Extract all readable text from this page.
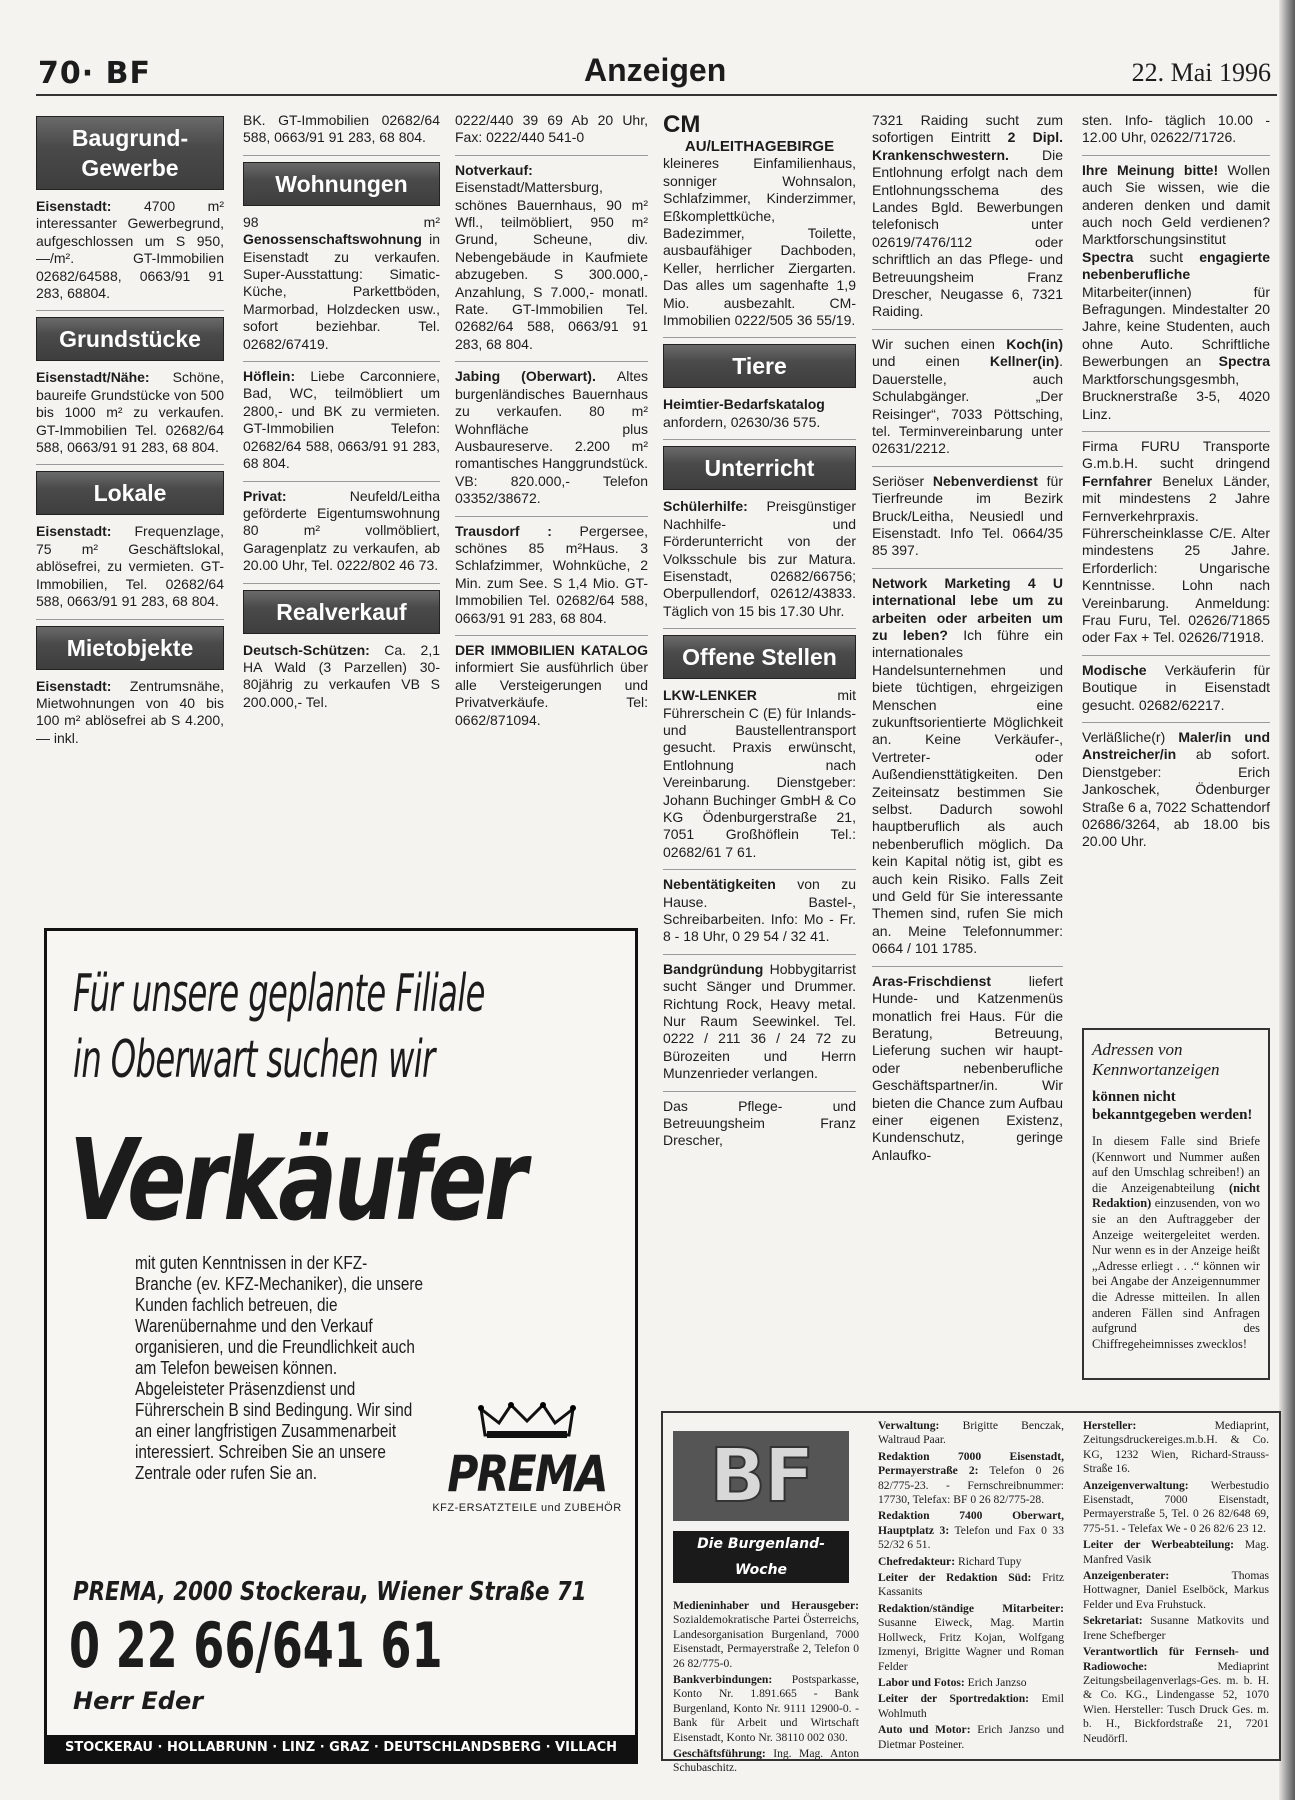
70· BF	Anzeigen	22. Mai 1996
Baugrund-
Gewerbe
Eisenstadt: 4700 m² interessanter Gewerbegrund, aufgeschlossen um S 950,—/m². GT-Immobilien 02682/64588, 0663/91 91 283, 68804.
Grundstücke
Eisenstadt/Nähe: Schöne, baureife Grundstücke von 500 bis 1000 m² zu verkaufen. GT-Immobilien Tel. 02682/64 588, 0663/91 91 283, 68 804.
Lokale
Eisenstadt: Frequenzlage, 75 m² Geschäftslokal, ablösefrei, zu vermieten. GT-Immobilien, Tel. 02682/64 588, 0663/91 91 283, 68 804.
Mietobjekte
Eisenstadt: Zentrumsnähe, Mietwohnungen von 40 bis 100 m² ablösefrei ab S 4.200,— inkl.
BK. GT-Immobilien 02682/64 588, 0663/91 91 283, 68 804.
Wohnungen
98 m² Genossenschaftswohnung in Eisenstadt zu verkaufen. Super-Ausstattung: Simatic-Küche, Parkettböden, Marmorbad, Holzdecken usw., sofort beziehbar. Tel. 02682/67419.
Höflein: Liebe Carconniere, Bad, WC, teilmöbliert um 2800,- und BK zu vermieten. GT-Immobilien Telefon: 02682/64 588, 0663/91 91 283, 68 804.
Privat: Neufeld/Leitha geförderte Eigentumswohnung 80 m² vollmöbliert, Garagenplatz zu verkaufen, ab 20.00 Uhr, Tel. 0222/802 46 73.
Realverkauf
Deutsch-Schützen: Ca. 2,1 HA Wald (3 Parzellen) 30-80jährig zu verkaufen VB S 200.000,- Tel.
0222/440 39 69 Ab 20 Uhr, Fax: 0222/440 541-0
Notverkauf: Eisenstadt/Mattersburg, schönes Bauernhaus, 90 m² Wfl., teilmöbliert, 950 m² Grund, Scheune, div. Nebengebäude in Kaufmiete abzugeben. S 300.000,- Anzahlung, S 7.000,- monatl. Rate. GT-Immobilien Tel. 02682/64 588, 0663/91 91 283, 68 804.
Jabing (Oberwart). Altes burgenländisches Bauernhaus zu verkaufen. 80 m² Wohnfläche plus Ausbaureserve. 2.200 m² romantisches Hanggrundstück. VB: 820.000,- Telefon 03352/38672.
Trausdorf : Pergersee, schönes 85 m²Haus. 3 Schlafzimmer, Wohnküche, 2 Min. zum See. S 1,4 Mio. GT-Immobilien Tel. 02682/64 588, 0663/91 91 283, 68 804.
DER IMMOBILIEN KATALOG informiert Sie ausführlich über alle Versteigerungen und Privatverkäufe. Tel: 0662/871094.
CM
AU/LEITHAGEBIRGE
kleineres Einfamilienhaus, sonniger Wohnsalon, Schlafzimmer, Kinderzimmer, Eßkomplettküche, Badezimmer, Toilette, ausbaufähiger Dachboden, Keller, herrlicher Ziergarten. Das alles um sagenhafte 1,9 Mio. ausbezahlt. CM-Immobilien 0222/505 36 55/19.
Tiere
Heimtier-Bedarfskatalog anfordern, 02630/36 575.
Unterricht
Schülerhilfe: Preisgünstiger Nachhilfe- und Förderunterricht von der Volksschule bis zur Matura. Eisenstadt, 02682/66756; Oberpullendorf, 02612/43833. Täglich von 15 bis 17.30 Uhr.
Offene Stellen
LKW-LENKER mit Führerschein C (E) für Inlands- und Baustellentransport gesucht. Praxis erwünscht, Entlohnung nach Vereinbarung. Dienstgeber: Johann Buchinger GmbH & Co KG Ödenburgerstraße 21, 7051 Großhöflein Tel.: 02682/61 7 61.
Nebentätigkeiten von zu Hause. Bastel-, Schreibarbeiten. Info: Mo - Fr. 8 - 18 Uhr, 0 29 54 / 32 41.
Bandgründung Hobbygitarrist sucht Sänger und Drummer. Richtung Rock, Heavy metal. Nur Raum Seewinkel. Tel. 0222 / 211 36 / 24 72 zu Bürozeiten und Herrn Munzenrieder verlangen.
Das Pflege- und Betreuungsheim Franz Drescher,
7321 Raiding sucht zum sofortigen Eintritt 2 Dipl. Krankenschwestern. Die Entlohnung erfolgt nach dem Entlohnungsschema des Landes Bgld. Bewerbungen telefonisch unter 02619/7476/112 oder schriftlich an das Pflege- und Betreuungsheim Franz Drescher, Neugasse 6, 7321 Raiding.
Wir suchen einen Koch(in) und einen Kellner(in). Dauerstelle, auch Schulabgänger. „Der Reisinger“, 7033 Pöttsching, tel. Terminvereinbarung unter 02631/2212.
Seriöser Nebenverdienst für Tierfreunde im Bezirk Bruck/Leitha, Neusiedl und Eisenstadt. Info Tel. 0664/35 85 397.
Network Marketing 4 U international lebe um zu arbeiten oder arbeiten um zu leben? Ich führe ein internationales Handelsunternehmen und biete tüchtigen, ehrgeizigen Menschen eine zukunftsorientierte Möglichkeit an. Keine Verkäufer-, Vertreter- oder Außendiensttätigkeiten. Den Zeiteinsatz bestimmen Sie selbst. Dadurch sowohl hauptberuflich als auch nebenberuflich möglich. Da kein Kapital nötig ist, gibt es auch kein Risiko. Falls Zeit und Geld für Sie interessante Themen sind, rufen Sie mich an. Meine Telefonnummer: 0664 / 101 1785.
Aras-Frischdienst liefert Hunde- und Katzenmenüs monatlich frei Haus. Für die Beratung, Betreuung, Lieferung suchen wir haupt- oder nebenberufliche Geschäftspartner/in. Wir bieten die Chance zum Aufbau einer eigenen Existenz, Kundenschutz, geringe Anlaufko-
sten. Info- täglich 10.00 - 12.00 Uhr, 02622/71726.
Ihre Meinung bitte! Wollen auch Sie wissen, wie die anderen denken und damit auch noch Geld verdienen? Marktforschungsinstitut Spectra sucht engagierte nebenberufliche Mitarbeiter(innen) für Befragungen. Mindestalter 20 Jahre, keine Studenten, auch ohne Auto. Schriftliche Bewerbungen an Spectra Marktforschungsgesmbh, Brucknerstraße 3-5, 4020 Linz.
Firma FURU Transporte G.m.b.H. sucht dringend Fernfahrer Benelux Länder, mit mindestens 2 Jahre Fernverkehrpraxis. Führerscheinklasse C/E. Alter mindestens 25 Jahre. Erforderlich: Ungarische Kenntnisse. Lohn nach Vereinbarung. Anmeldung: Frau Furu, Tel. 02626/71865 oder Fax + Tel. 02626/71918.
Modische Verkäuferin für Boutique in Eisenstadt gesucht. 02682/62217.
Verläßliche(r) Maler/in und Anstreicher/in ab sofort. Dienstgeber: Erich Jankoschek, Ödenburger Straße 6 a, 7022 Schattendorf 02686/3264, ab 18.00 bis 20.00 Uhr.
Adressen von Kennwortanzeigen
können nicht bekanntgegeben werden!
In diesem Falle sind Briefe (Kennwort und Nummer außen auf den Umschlag schreiben!) an die Anzeigenabteilung (nicht Redaktion) einzusenden, von wo sie an den Auftraggeber der Anzeige weitergeleitet werden. Nur wenn es in der Anzeige heißt „Adresse erliegt . . .“ können wir bei Angabe der Anzeigennummer die Adresse mitteilen. In allen anderen Fällen sind Anfragen aufgrund des Chiffregeheimnisses zwecklos!
Für unsere geplante Filiale
in Oberwart suchen wir
Verkäufer
mit guten Kenntnissen in der KFZ-Branche (ev. KFZ-Mechaniker), die unsere Kunden fachlich betreuen, die Warenübernahme und den Verkauf organisieren, und die Freundlichkeit auch am Telefon beweisen können. Abgeleisteter Präsenzdienst und Führerschein B sind Bedingung. Wir sind an einer langfristigen Zusammenarbeit interessiert. Schreiben Sie an unsere Zentrale oder rufen Sie an.	PREMA
KFZ-ERSATZTEILE und ZUBEHÖR
PREMA, 2000 Stockerau, Wiener Straße 71
0 22 66/641 61
Herr Eder
STOCKERAU · HOLLABRUNN · LINZ · GRAZ · DEUTSCHLANDSBERG · VILLACH
BF
Die Burgenland-Woche
Medieninhaber und Herausgeber: Sozialdemokratische Partei Österreichs, Landesorganisation Burgenland, 7000 Eisenstadt, Permayerstraße 2, Telefon 0 26 82/775-0.
Bankverbindungen: Postsparkasse, Konto Nr. 1.891.665 - Bank Burgenland, Konto Nr. 9111 12900-0. - Bank für Arbeit und Wirtschaft Eisenstadt, Konto Nr. 38110 002 030.
Geschäftsführung: Ing. Mag. Anton Schubaschitz.
Verwaltung: Brigitte Benczak, Waltraud Paar.
Redaktion 7000 Eisenstadt, Permayerstraße 2: Telefon 0 26 82/775-23. - Fernschreibnummer: 17730, Telefax: BF 0 26 82/775-28.
Redaktion 7400 Oberwart, Hauptplatz 3: Telefon und Fax 0 33 52/32 6 51.
Chefredakteur: Richard Tupy
Leiter der Redaktion Süd: Fritz Kassanits
Redaktion/ständige Mitarbeiter: Susanne Eiweck, Mag. Martin Hollweck, Fritz Kojan, Wolfgang Izmenyi, Brigitte Wagner und Roman Felder
Labor und Fotos: Erich Janzso
Leiter der Sportredaktion: Emil Wohlmuth
Auto und Motor: Erich Janzso und Dietmar Posteiner.
Hersteller: Mediaprint, Zeitungsdruckereiges.m.b.H. & Co. KG, 1232 Wien, Richard-Strauss-Straße 16.
Anzeigenverwaltung: Werbestudio Eisenstadt, 7000 Eisenstadt, Permayerstraße 5, Tel. 0 26 82/648 69, 775-51. - Telefax We - 0 26 82/6 23 12.
Leiter der Werbeabteilung: Mag. Manfred Vasik
Anzeigenberater: Thomas Hottwagner, Daniel Eselböck, Markus Felder und Eva Fruhstuck.
Sekretariat: Susanne Matkovits und Irene Schefberger
Verantwortlich für Fernseh- und Radiowoche: Mediaprint Zeitungsbeilagenverlags-Ges. m. b. H. & Co. KG., Lindengasse 52, 1070 Wien. Hersteller: Tusch Druck Ges. m. b. H., Bickfordstraße 21, 7201 Neudörfl.
